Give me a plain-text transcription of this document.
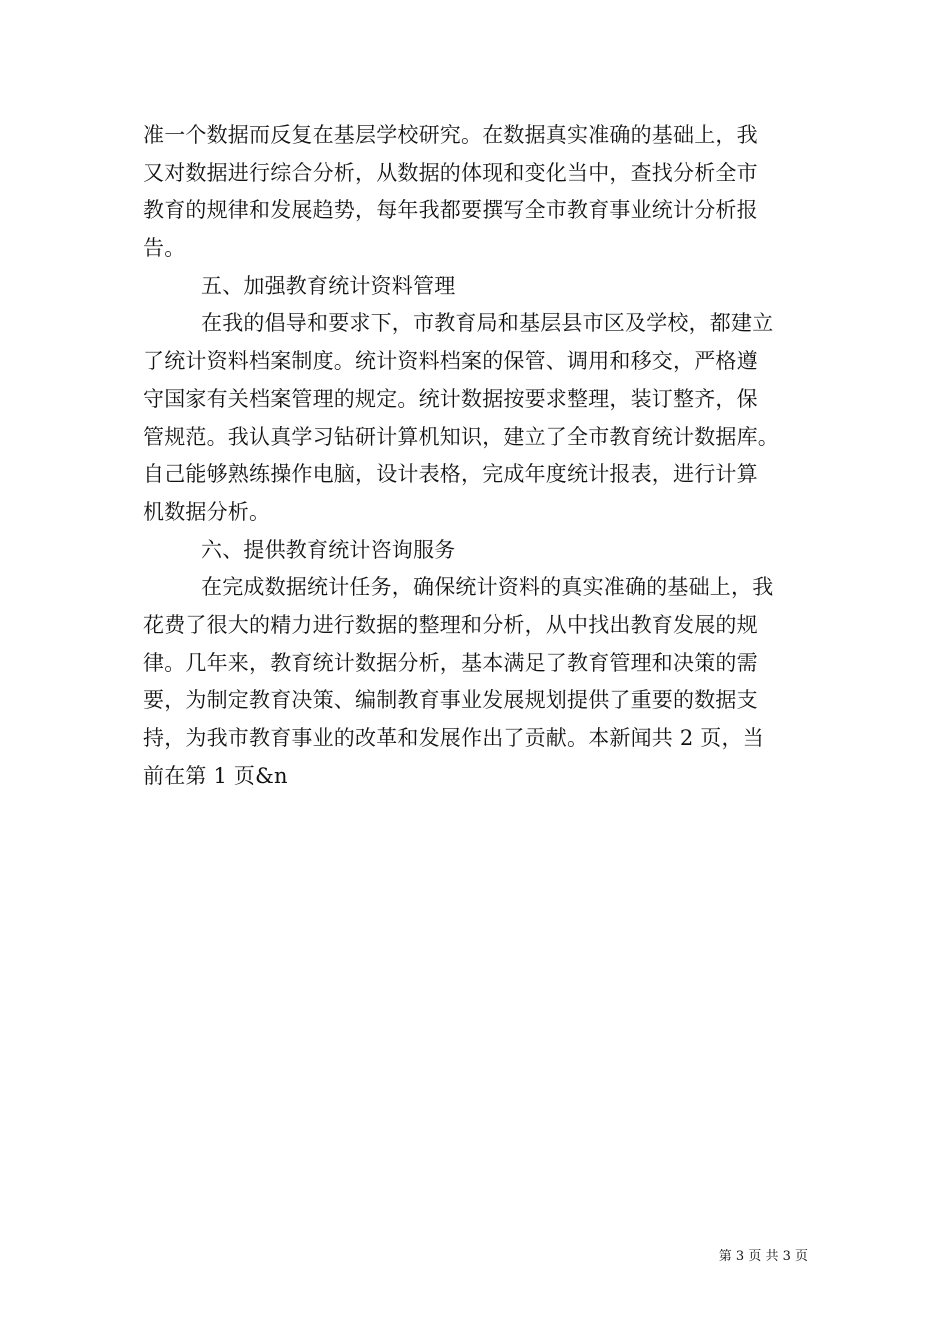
准一个数据而反复在基层学校研究。在数据真实准确的基础上，我
又对数据进行综合分析，从数据的体现和变化当中，查找分析全市
教育的规律和发展趋势，每年我都要撰写全市教育事业统计分析报
告。
五、加强教育统计资料管理
在我的倡导和要求下，市教育局和基层县市区及学校，都建立
了统计资料档案制度。统计资料档案的保管、调用和移交，严格遵
守国家有关档案管理的规定。统计数据按要求整理，装订整齐，保
管规范。我认真学习钻研计算机知识，建立了全市教育统计数据库。
自己能够熟练操作电脑，设计表格，完成年度统计报表，进行计算
机数据分析。
六、提供教育统计咨询服务
在完成数据统计任务，确保统计资料的真实准确的基础上，我
花费了很大的精力进行数据的整理和分析，从中找出教育发展的规
律。几年来，教育统计数据分析，基本满足了教育管理和决策的需
要，为制定教育决策、编制教育事业发展规划提供了重要的数据支
持，为我市教育事业的改革和发展作出了贡献。本新闻共 2 页，当
前在第 1 页&n
第 3 页 共 3 页
